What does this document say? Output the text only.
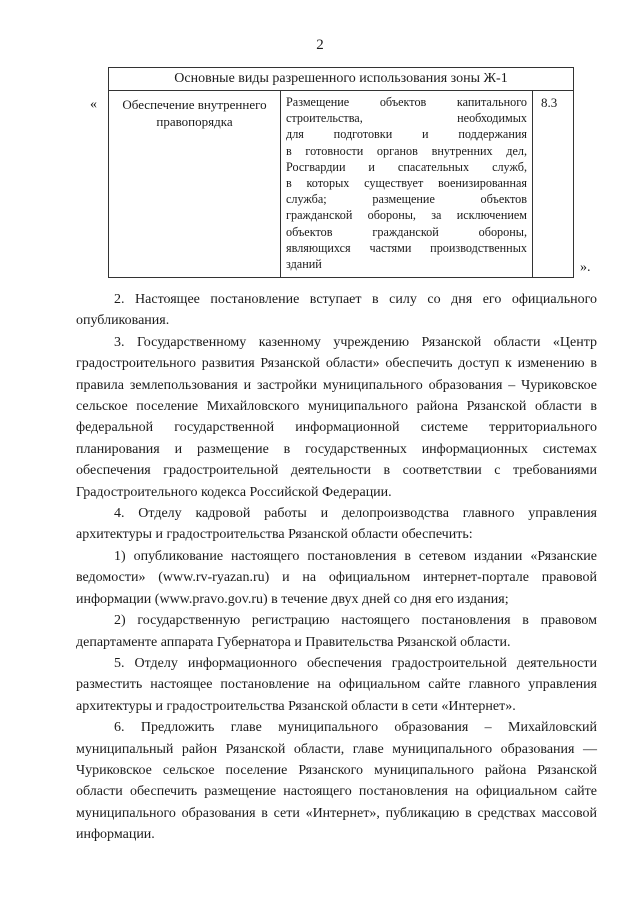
2
«
Основные виды разрешенного использования зоны Ж-1
Обеспечение внутреннего правопорядка
Размещение объектов капитального
строительства, необходимых
для подготовки и поддержания
в готовности органов внутренних дел,
Росгвардии и спасательных служб,
в которых существует военизированная
служба; размещение объектов
гражданской обороны, за исключением
объектов гражданской обороны,
являющихся частями производственных
зданий
8.3
».

2. Настоящее постановление вступает в силу со дня его официального опубликования.

3. Государственному казенному учреждению Рязанской области «Центр градостроительного развития Рязанской области» обеспечить доступ к изменению в правила землепользования и застройки муниципального образования – Чуриковское сельское поселение Михайловского муниципального района Рязанской области в федеральной государственной информационной системе территориального планирования и размещение в государственных информационных системах обеспечения градостроительной деятельности в соответствии с требованиями Градостроительного кодекса Российской Федерации.

4. Отделу кадровой работы и делопроизводства главного управления архитектуры и градостроительства Рязанской области обеспечить:

1) опубликование настоящего постановления в сетевом издании «Рязанские ведомости» (www.rv-ryazan.ru) и на официальном интернет-портале правовой информации (www.pravo.gov.ru) в течение двух дней со дня его издания;

2) государственную регистрацию настоящего постановления в правовом департаменте аппарата Губернатора и Правительства Рязанской области.

5. Отделу информационного обеспечения градостроительной деятельности разместить настоящее постановление на официальном сайте главного управления архитектуры и градостроительства Рязанской области в сети «Интернет».

6. Предложить главе муниципального образования – Михайловский муниципальный район Рязанской области, главе муниципального образования — Чуриковское сельское поселение Рязанского муниципального района Рязанской области обеспечить размещение настоящего постановления на официальном сайте муниципального образования в сети «Интернет», публикацию в средствах массовой информации.
